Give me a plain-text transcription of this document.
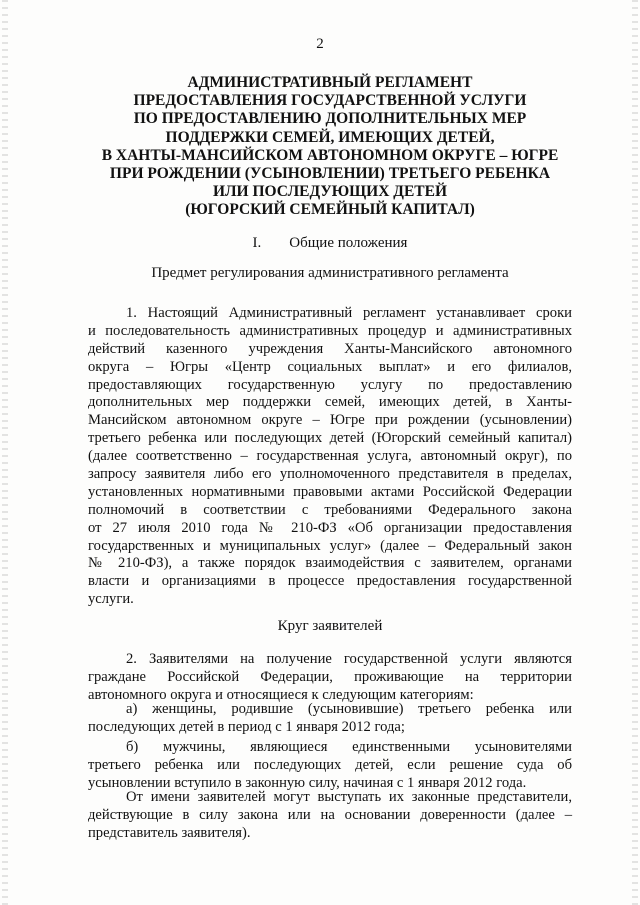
2
АДМИНИСТРАТИВНЫЙ РЕГЛАМЕНТ
ПРЕДОСТАВЛЕНИЯ ГОСУДАРСТВЕННОЙ УСЛУГИ
ПО ПРЕДОСТАВЛЕНИЮ ДОПОЛНИТЕЛЬНЫХ МЕР
ПОДДЕРЖКИ СЕМЕЙ, ИМЕЮЩИХ ДЕТЕЙ,
В ХАНТЫ-МАНСИЙСКОМ АВТОНОМНОМ ОКРУГЕ – ЮГРЕ
ПРИ РОЖДЕНИИ (УСЫНОВЛЕНИИ) ТРЕТЬЕГО РЕБЕНКА
ИЛИ ПОСЛЕДУЮЩИХ ДЕТЕЙ
(ЮГОРСКИЙ СЕМЕЙНЫЙ КАПИТАЛ)
I. Общие положения
Предмет регулирования административного регламента
1. Настоящий Административный регламент устанавливает сроки
и последовательность административных процедур и административных
действий казенного учреждения Ханты-Мансийского автономного
округа – Югры «Центр социальных выплат» и его филиалов,
предоставляющих государственную услугу по предоставлению
дополнительных мер поддержки семей, имеющих детей, в Ханты-
Мансийском автономном округе – Югре при рождении (усыновлении)
третьего ребенка или последующих детей (Югорский семейный капитал)
(далее соответственно – государственная услуга, автономный округ), по
запросу заявителя либо его уполномоченного представителя в пределах,
установленных нормативными правовыми актами Российской Федерации
полномочий в соответствии с требованиями Федерального закона
от 27 июля 2010 года № 210-ФЗ «Об организации предоставления
государственных и муниципальных услуг» (далее – Федеральный закон
№ 210-ФЗ), а также порядок взаимодействия с заявителем, органами
власти и организациями в процессе предоставления государственной
услуги.
Круг заявителей
2. Заявителями на получение государственной услуги являются
граждане Российской Федерации, проживающие на территории
автономного округа и относящиеся к следующим категориям:
а) женщины, родившие (усыновившие) третьего ребенка или
последующих детей в период с 1 января 2012 года;
б) мужчины, являющиеся единственными усыновителями
третьего ребенка или последующих детей, если решение суда об
усыновлении вступило в законную силу, начиная с 1 января 2012 года.
От имени заявителей могут выступать их законные представители,
действующие в силу закона или на основании доверенности (далее –
представитель заявителя).
